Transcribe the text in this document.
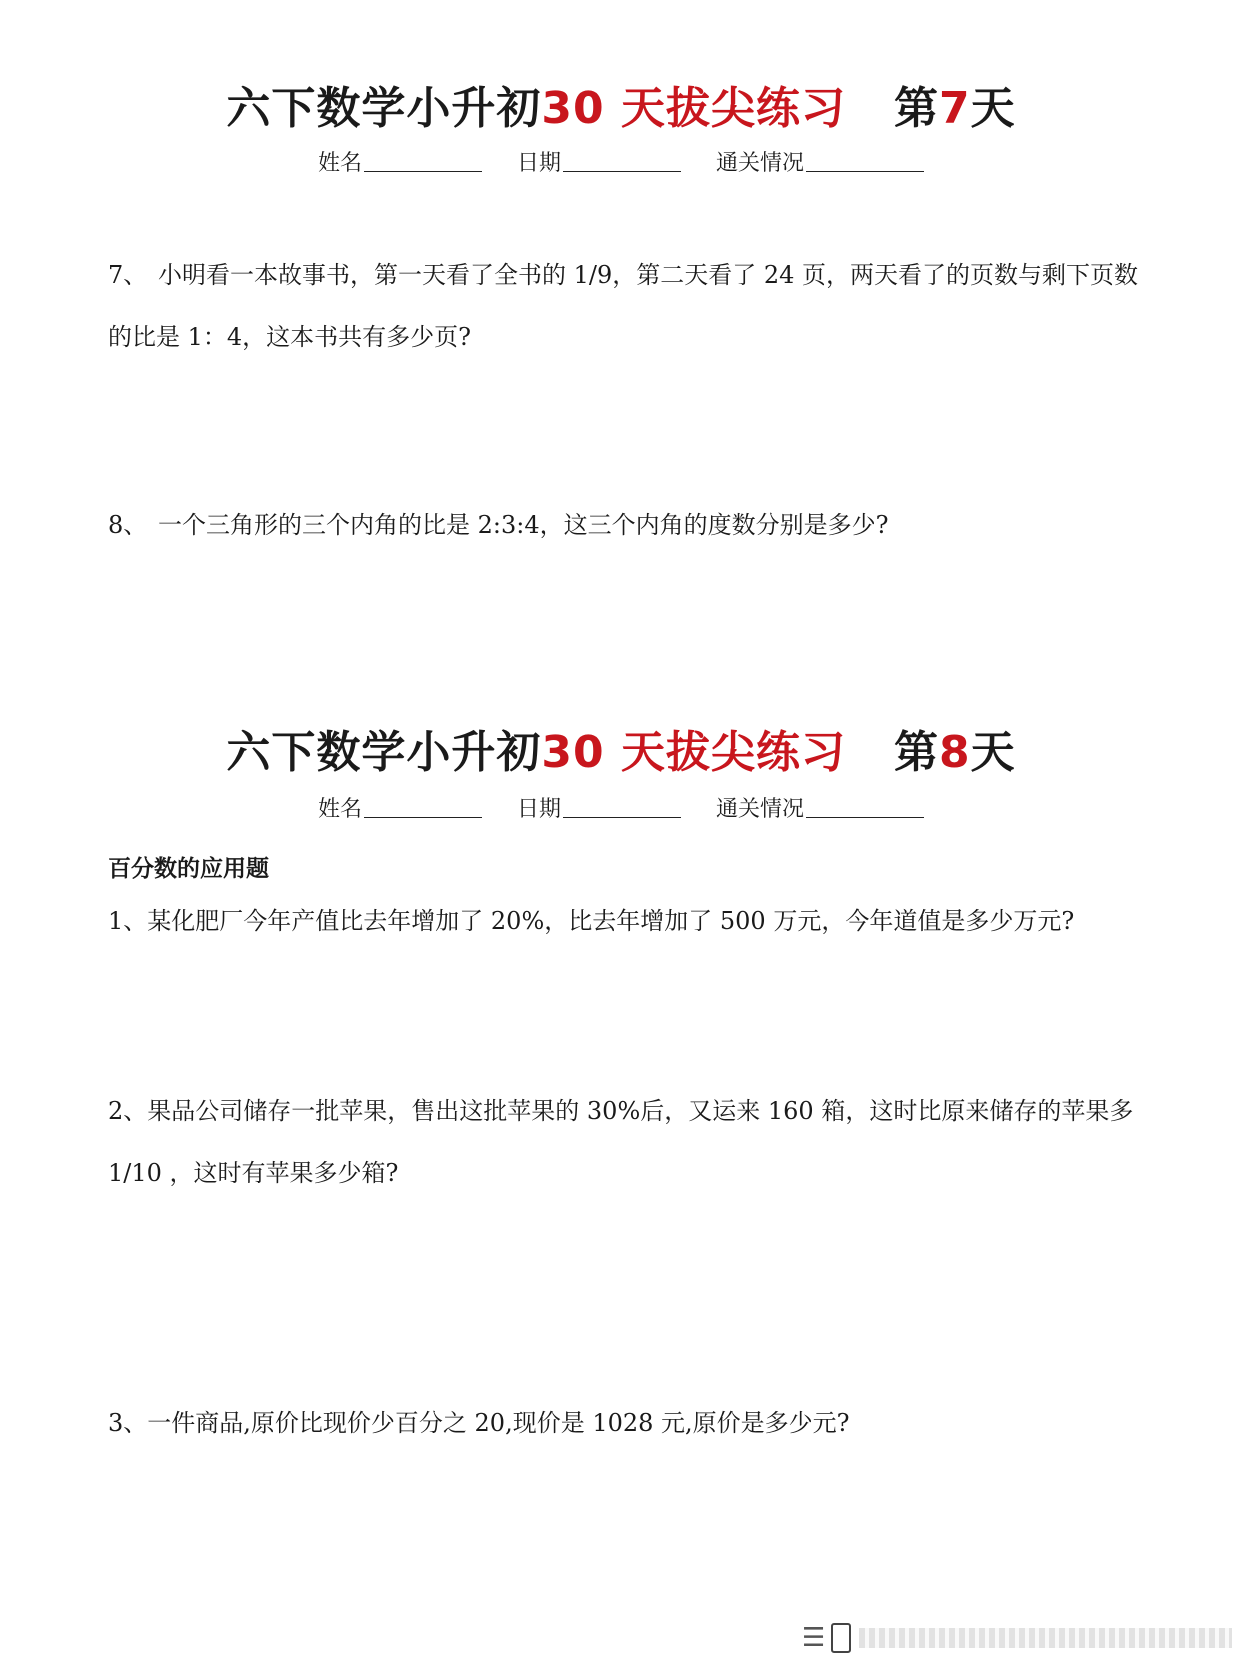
六下数学小升初30 天拔尖练习 第7天
姓名	日期	通关情况
7、 小明看一本故事书，第一天看了全书的 1/9，第二天看了 24 页，两天看了的页数与剩下页数的比是 1：4，这本书共有多少页?
8、 一个三角形的三个内角的比是 2:3:4，这三个内角的度数分别是多少?
六下数学小升初30 天拔尖练习 第8天
姓名	日期	通关情况
百分数的应用题
1、某化肥厂今年产值比去年增加了 20%，比去年增加了 500 万元，今年道值是多少万元?
2、果品公司储存一批苹果，售出这批苹果的 30%后，又运来 160 箱，这时比原来储存的苹果多 1/10 ，这时有苹果多少箱?
3、一件商品,原价比现价少百分之 20,现价是 1028 元,原价是多少元?
☰
